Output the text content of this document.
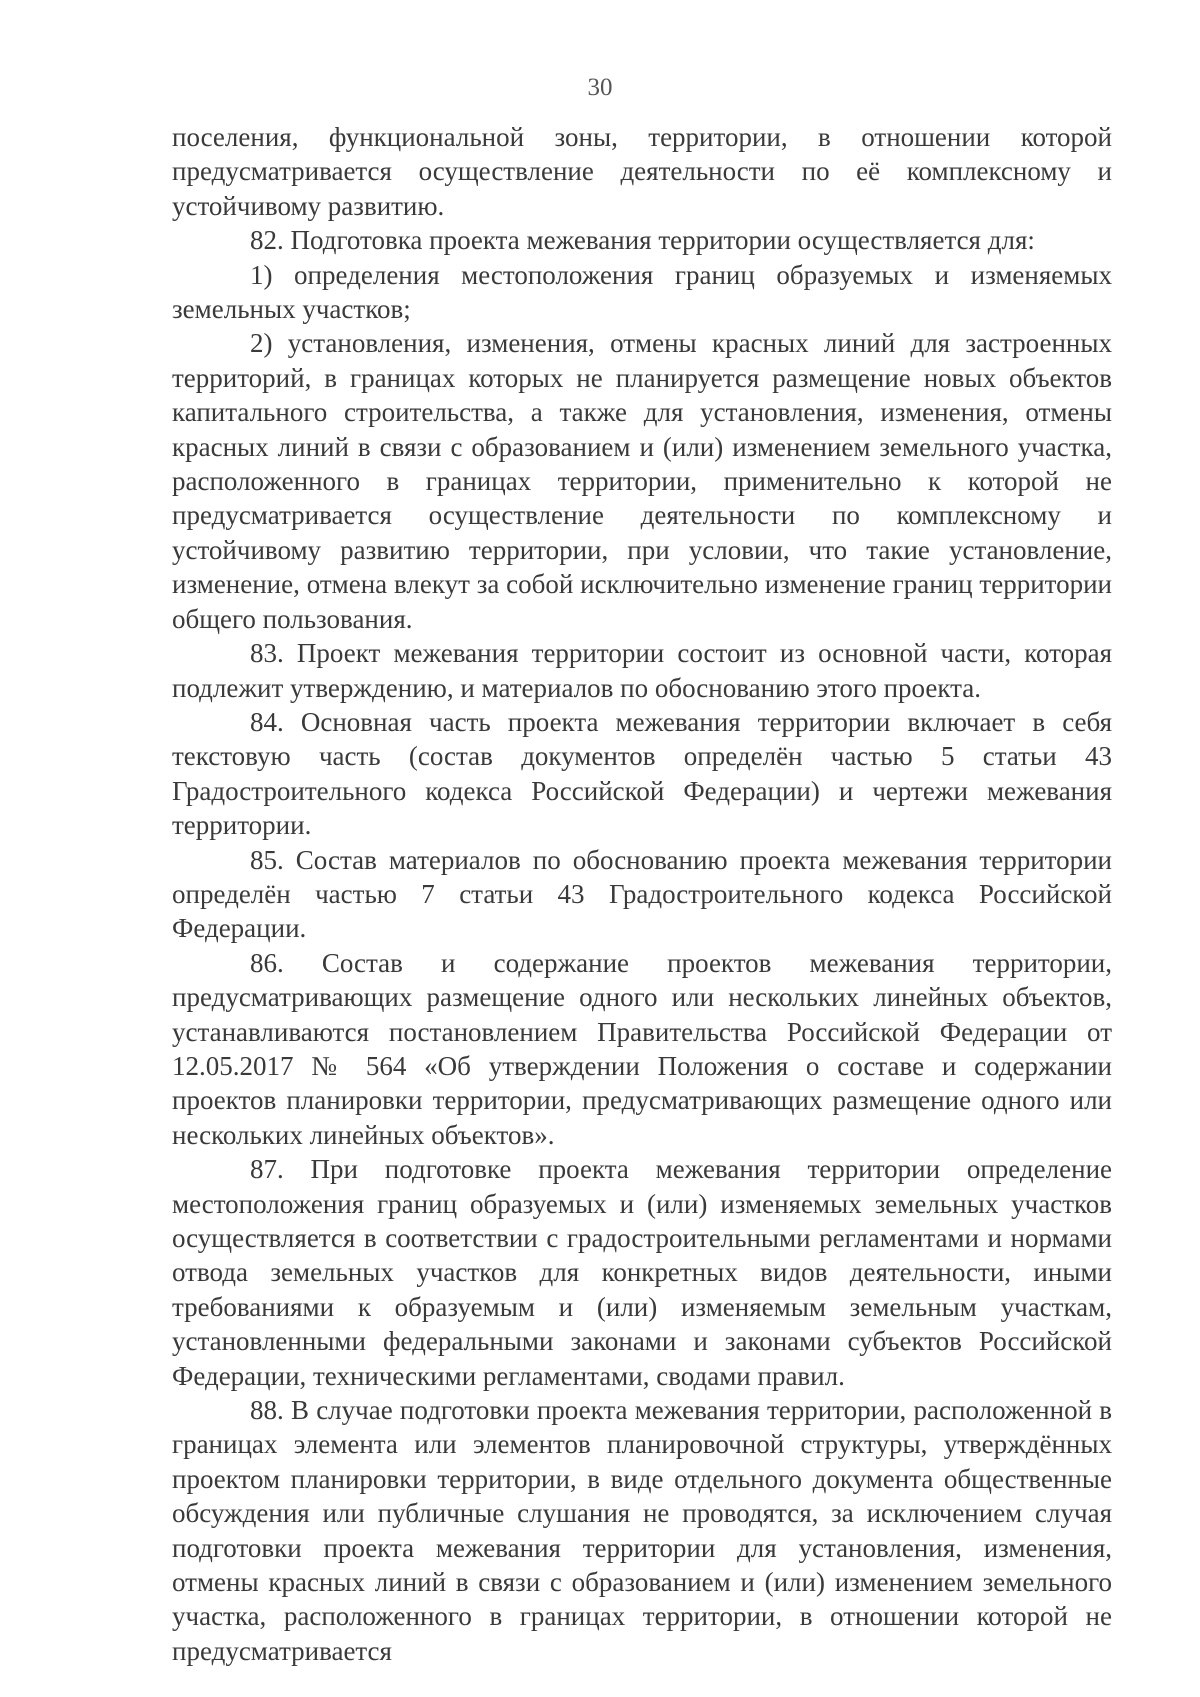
30

поселения, функциональной зоны, территории, в отношении которой предусматривается осуществление деятельности по её комплексному и устойчивому развитию.

82. Подготовка проекта межевания территории осуществляется для:

1) определения местоположения границ образуемых и изменяемых земельных участков;

2) установления, изменения, отмены красных линий для застроенных территорий, в границах которых не планируется размещение новых объектов капитального строительства, а также для установления, изменения, отмены красных линий в связи с образованием и (или) изменением земельного участка, расположенного в границах территории, применительно к которой не предусматривается осуществление деятельности по комплексному и устойчивому развитию территории, при условии, что такие установление, изменение, отмена влекут за собой исключительно изменение границ территории общего пользования.

83. Проект межевания территории состоит из основной части, которая подлежит утверждению, и материалов по обоснованию этого проекта.

84. Основная часть проекта межевания территории включает в себя текстовую часть (состав документов определён частью 5 статьи 43 Градостроительного кодекса Российской Федерации) и чертежи межевания территории.

85. Состав материалов по обоснованию проекта межевания территории определён частью 7 статьи 43 Градостроительного кодекса Российской Федерации.

86. Состав и содержание проектов межевания территории, предусматривающих размещение одного или нескольких линейных объектов, устанавливаются постановлением Правительства Российской Федерации от 12.05.2017 № 564 «Об утверждении Положения о составе и содержании проектов планировки территории, предусматривающих размещение одного или нескольких линейных объектов».

87. При подготовке проекта межевания территории определение местоположения границ образуемых и (или) изменяемых земельных участков осуществляется в соответствии с градостроительными регламентами и нормами отвода земельных участков для конкретных видов деятельности, иными требованиями к образуемым и (или) изменяемым земельным участкам, установленными федеральными законами и законами субъектов Российской Федерации, техническими регламентами, сводами правил.

88. В случае подготовки проекта межевания территории, расположенной в границах элемента или элементов планировочной структуры, утверждённых проектом планировки территории, в виде отдельного документа общественные обсуждения или публичные слушания не проводятся, за исключением случая подготовки проекта межевания территории для установления, изменения, отмены красных линий в связи с образованием и (или) изменением земельного участка, расположенного в границах территории, в отношении которой не предусматривается
